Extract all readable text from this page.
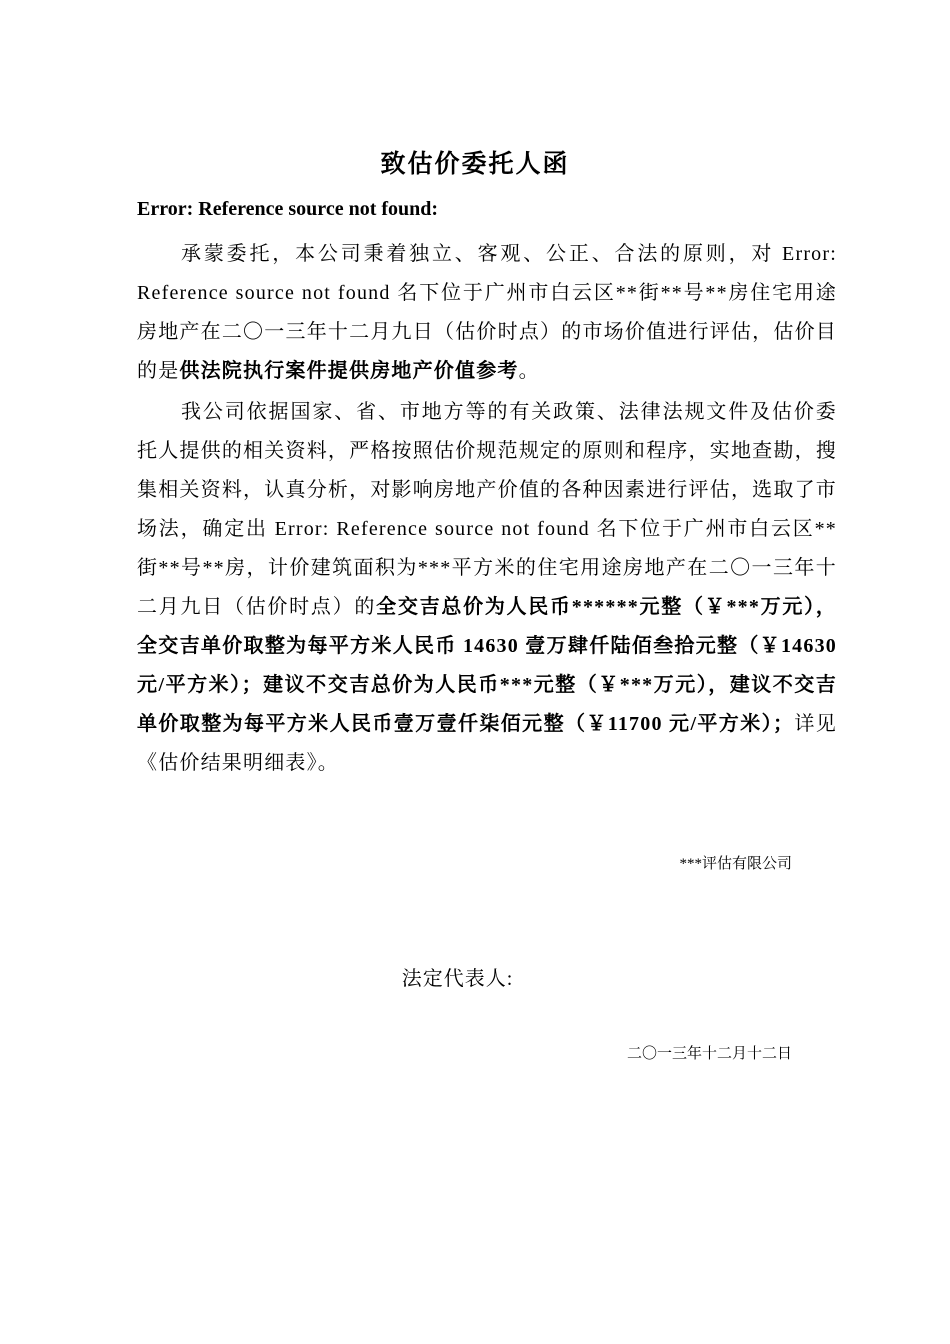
致估价委托人函
Error: Reference source not found:

承蒙委托，本公司秉着独立、客观、公正、合法的原则，对 Error: Reference source not found 名下位于广州市白云区**街**号**房住宅用途房地产在二〇一三年十二月九日（估价时点）的市场价值进行评估，估价目的是供法院执行案件提供房地产价值参考。

我公司依据国家、省、市地方等的有关政策、法律法规文件及估价委托人提供的相关资料，严格按照估价规范规定的原则和程序，实地查勘，搜集相关资料，认真分析，对影响房地产价值的各种因素进行评估，选取了市场法，确定出 Error: Reference source not found 名下位于广州市白云区**街**号**房，计价建筑面积为***平方米的住宅用途房地产在二〇一三年十二月九日（估价时点）的全交吉总价为人民币******元整（￥***万元），全交吉单价取整为每平方米人民币 14630 壹万肆仟陆佰叁拾元整（￥14630 元/平方米）；建议不交吉总价为人民币***元整（￥***万元），建议不交吉单价取整为每平方米人民币壹万壹仟柒佰元整（￥11700 元/平方米）；详见《估价结果明细表》。

***评估有限公司
法定代表人:
二〇一三年十二月十二日
